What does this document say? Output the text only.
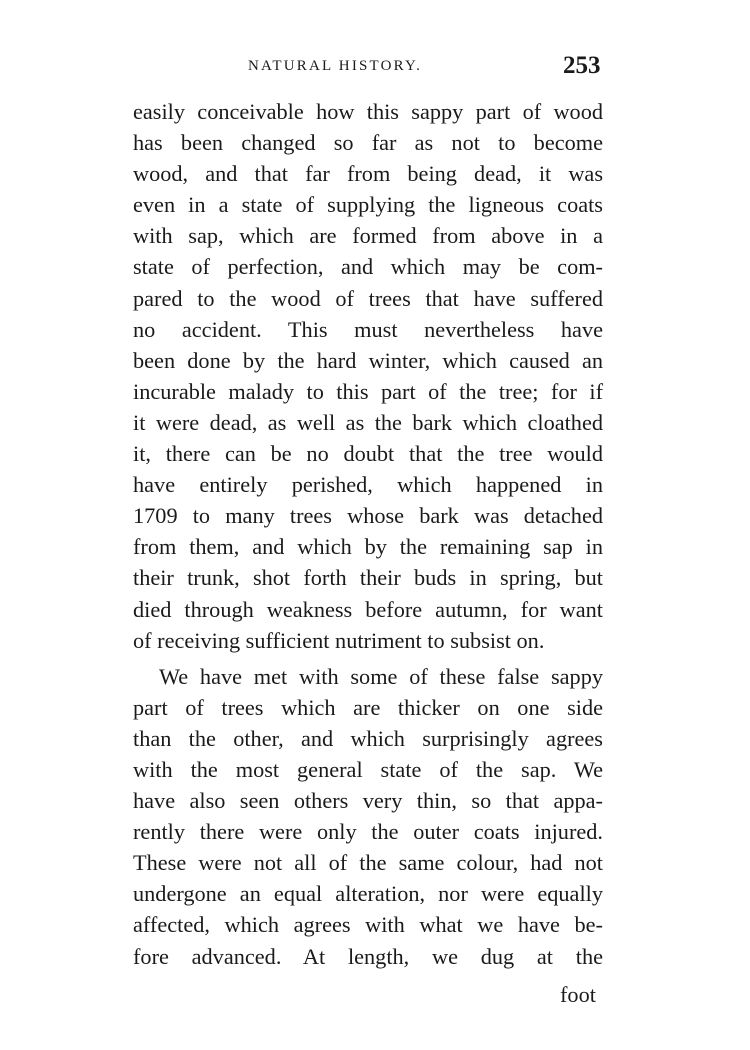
NATURAL HISTORY.	253
easily conceivable how this sappy part of wood
has been changed so far as not to become
wood, and that far from being dead, it was
even in a state of supplying the ligneous coats
with sap, which are formed from above in a
state of perfection, and which may be com-
pared to the wood of trees that have suffered
no accident. This must nevertheless have
been done by the hard winter, which caused an
incurable malady to this part of the tree; for if
it were dead, as well as the bark which cloathed
it, there can be no doubt that the tree would
have entirely perished, which happened in
1709 to many trees whose bark was detached
from them, and which by the remaining sap in
their trunk, shot forth their buds in spring, but
died through weakness before autumn, for want
of receiving sufficient nutriment to subsist on.
We have met with some of these false sappy
part of trees which are thicker on one side
than the other, and which surprisingly agrees
with the most general state of the sap. We
have also seen others very thin, so that appa-
rently there were only the outer coats injured.
These were not all of the same colour, had not
undergone an equal alteration, nor were equally
affected, which agrees with what we have be-
fore advanced. At length, we dug at the
foot
